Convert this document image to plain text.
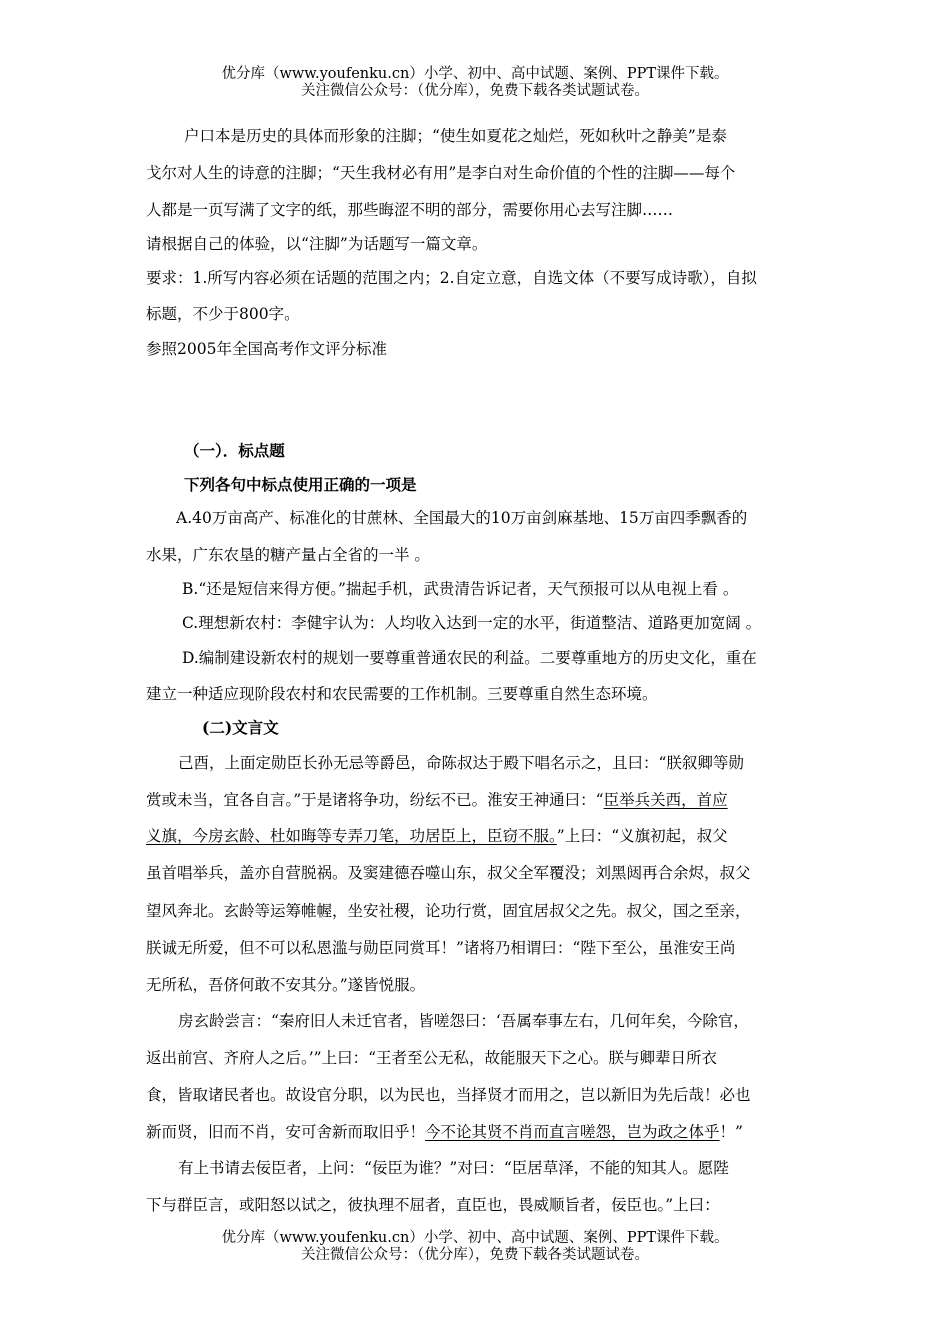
优分库（www.youfenku.cn）小学、初中、高中试题、案例、PPT课件下载。
关注微信公众号：（优分库），免费下载各类试题试卷。
户口本是历史的具体而形象的注脚；“使生如夏花之灿烂，死如秋叶之静美”是泰
戈尔对人生的诗意的注脚；“天生我材必有用”是李白对生命价值的个性的注脚——每个
人都是一页写满了文字的纸，那些晦涩不明的部分，需要你用心去写注脚……
请根据自己的体验，以“注脚”为话题写一篇文章。
要求：1.所写内容必须在话题的范围之内；2.自定立意，自选文体（不要写成诗歌），自拟
标题，不少于800字。
参照2005年全国高考作文评分标准
（一）．标点题
下列各句中标点使用正确的一项是
A.40万亩高产、标准化的甘蔗林、全国最大的10万亩剑麻基地、15万亩四季飘香的
水果，广东农垦的糖产量占全省的一半 。
B.“还是短信来得方便。”揣起手机，武贵清告诉记者，天气预报可以从电视上看 。
C.理想新农村：李健宇认为：人均收入达到一定的水平，街道整洁、道路更加宽阔 。
D.编制建设新农村的规划一要尊重普通农民的利益。二要尊重地方的历史文化，重在
建立一种适应现阶段农村和农民需要的工作机制。三要尊重自然生态环境。
(二)文言文
己酉，上面定勋臣长孙无忌等爵邑，命陈叔达于殿下唱名示之，且曰：“朕叙卿等勋
赏或未当，宜各自言。”于是诸将争功，纷纭不已。淮安王神通曰：“臣举兵关西，首应
义旗，今房玄龄、杜如晦等专弄刀笔，功居臣上，臣窃不服。”上曰：“义旗初起，叔父
虽首唱举兵，盖亦自营脱祸。及窦建德吞噬山东，叔父全军覆没；刘黑闼再合余烬，叔父
望风奔北。玄龄等运筹帷幄，坐安社稷，论功行赏，固宜居叔父之先。叔父，国之至亲，
朕诚无所爱，但不可以私恩滥与勋臣同赏耳！”诸将乃相谓曰：“陛下至公，虽淮安王尚
无所私，吾侪何敢不安其分。”遂皆悦服。
房玄龄尝言：“秦府旧人未迁官者，皆嗟怨曰：‘吾属奉事左右，几何年矣，今除官，
返出前宫、齐府人之后。’”上曰：“王者至公无私，故能服天下之心。朕与卿辈日所衣
食，皆取诸民者也。故设官分职，以为民也，当择贤才而用之，岂以新旧为先后哉！必也
新而贤，旧而不肖，安可舍新而取旧乎！今不论其贤不肖而直言嗟怨，岂为政之体乎！”
有上书请去佞臣者，上问：“佞臣为谁？”对曰：“臣居草泽，不能的知其人。愿陛
下与群臣言，或阳怒以试之，彼执理不屈者，直臣也，畏威顺旨者，佞臣也。”上曰：
优分库（www.youfenku.cn）小学、初中、高中试题、案例、PPT课件下载。
关注微信公众号：（优分库），免费下载各类试题试卷。
